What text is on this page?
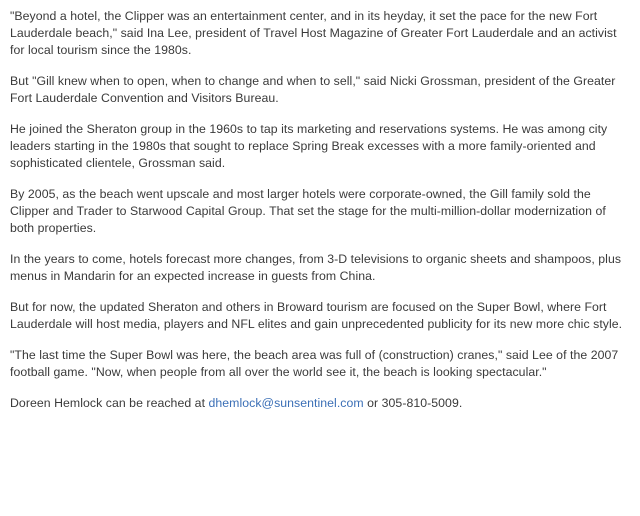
"Beyond a hotel, the Clipper was an entertainment center, and in its heyday, it set the pace for the new Fort Lauderdale beach," said Ina Lee, president of Travel Host Magazine of Greater Fort Lauderdale and an activist for local tourism since the 1980s.

But "Gill knew when to open, when to change and when to sell," said Nicki Grossman, president of the Greater Fort Lauderdale Convention and Visitors Bureau.

He joined the Sheraton group in the 1960s to tap its marketing and reservations systems. He was among city leaders starting in the 1980s that sought to replace Spring Break excesses with a more family-oriented and sophisticated clientele, Grossman said.

By 2005, as the beach went upscale and most larger hotels were corporate-owned, the Gill family sold the Clipper and Trader to Starwood Capital Group. That set the stage for the multi-million-dollar modernization of both properties.

In the years to come, hotels forecast more changes, from 3-D televisions to organic sheets and shampoos, plus menus in Mandarin for an expected increase in guests from China.

But for now, the updated Sheraton and others in Broward tourism are focused on the Super Bowl, where Fort Lauderdale will host media, players and NFL elites and gain unprecedented publicity for its new more chic style.

"The last time the Super Bowl was here, the beach area was full of (construction) cranes," said Lee of the 2007 football game. "Now, when people from all over the world see it, the beach is looking spectacular."

Doreen Hemlock can be reached at dhemlock@sunsentinel.com or 305-810-5009.
